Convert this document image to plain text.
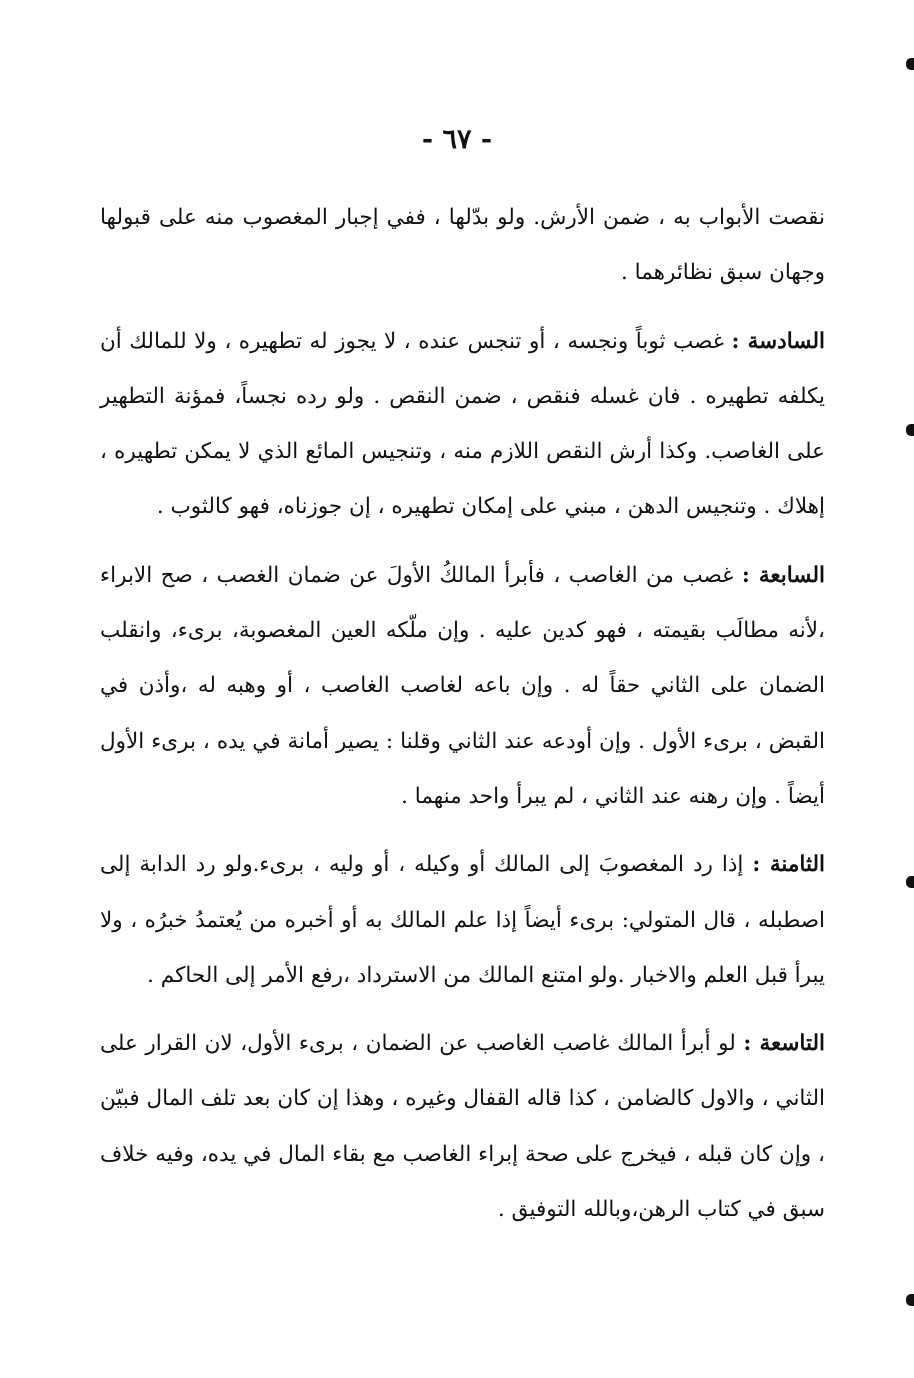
- ٦٧ -

نقصت الأبواب به ، ضمن الأرش. ولو بدّلها ، ففي إجبار المغصوب منه على قبولها وجهان سبق نظائرهما .

السادسة : غصب ثوباً ونجسه ، أو تنجس عنده ، لا يجوز له تطهيره ، ولا للمالك أن يكلفه تطهيره . فان غسله فنقص ، ضمن النقص . ولو رده نجساً، فمؤنة التطهير على الغاصب. وكذا أرش النقص اللازم منه ، وتنجيس المائع الذي لا يمكن تطهيره ، إهلاك . وتنجيس الدهن ، مبني على إمكان تطهيره ، إن جوزناه، فهو كالثوب .

السابعة : غصب من الغاصب ، فأبرأ المالكُ الأولَ عن ضمان الغصب ، صح الابراء ،لأنه مطالَب بقيمته ، فهو كدين عليه . وإن ملّكه العين المغصوبة، برىء، وانقلب الضمان على الثاني حقاً له . وإن باعه لغاصب الغاصب ، أو وهبه له ،وأذن في القبض ، برىء الأول . وإن أودعه عند الثاني وقلنا : يصير أمانة في يده ، برىء الأول أيضاً . وإن رهنه عند الثاني ، لم يبرأ واحد منهما .

الثامنة : إذا رد المغصوبَ إلى المالك أو وكيله ، أو وليه ، برىء.ولو رد الدابة إلى اصطبله ، قال المتولي: برىء أيضاً إذا علم المالك به أو أخبره من يُعتمدُ خبرُه ، ولا يبرأ قبل العلم والاخبار .ولو امتنع المالك من الاسترداد ،رفع الأمر إلى الحاكم .

التاسعة : لو أبرأ المالك غاصب الغاصب عن الضمان ، برىء الأول، لان القرار على الثاني ، والاول كالضامن ، كذا قاله القفال وغيره ، وهذا إن كان بعد تلف المال فبيّن ، وإن كان قبله ، فيخرج على صحة إبراء الغاصب مع بقاء المال في يده، وفيه خلاف سبق في كتاب الرهن،وبالله التوفيق .
